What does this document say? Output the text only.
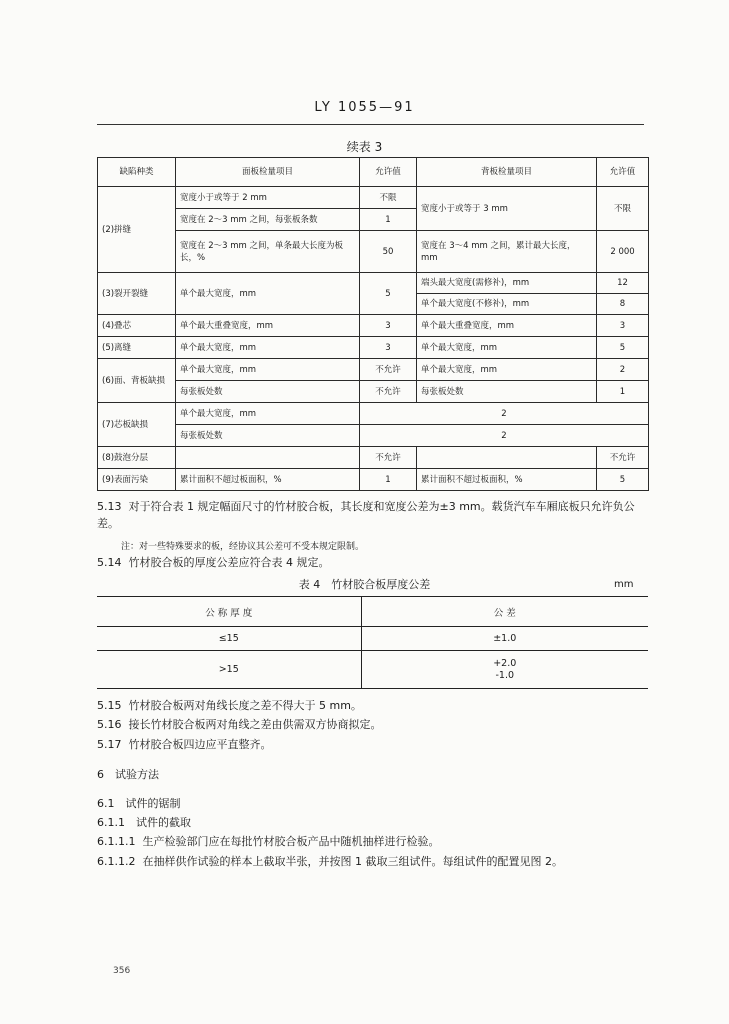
LY 1055—91
续表 3
缺陷种类	面板检量项目	允许值	背板检量项目	允许值
(2)拼缝	宽度小于或等于 2 mm	不限	宽度小于或等于 3 mm	不限
	宽度在 2～3 mm 之间，每张板条数	1		
	宽度在 2～3 mm 之间，单条最大长度为板长，%	50	宽度在 3～4 mm 之间，累计最大长度，mm	2 000
(3)裂开裂缝	单个最大宽度，mm	5	端头最大宽度(需修补)，mm	12
			单个最大宽度(不修补)，mm	8
(4)叠芯	单个最大重叠宽度，mm	3	单个最大重叠宽度，mm	3
(5)离缝	单个最大宽度，mm	3	单个最大宽度，mm	5
(6)面、背板缺损	单个最大宽度，mm	不允许	单个最大宽度，mm	2
	每张板处数	不允许	每张板处数	1
(7)芯板缺损	单个最大宽度，mm	2		
	每张板处数	2		
(8)鼓泡分层		不允许		不允许
(9)表面污染	累计面积不超过板面积，%	1	累计面积不超过板面积，%	5
5.13 对于符合表 1 规定幅面尺寸的竹材胶合板，其长度和宽度公差为±3 mm。载货汽车车厢底板只允许负公差。
注：对一些特殊要求的板，经协议其公差可不受本规定限制。
5.14 竹材胶合板的厚度公差应符合表 4 规定。
表 4　竹材胶合板厚度公差	mm
公 称 厚 度	公 差
≤15	±1.0
>15	+2.0
-1.0
5.15 竹材胶合板两对角线长度之差不得大于 5 mm。
5.16 接长竹材胶合板两对角线之差由供需双方协商拟定。
5.17 竹材胶合板四边应平直整齐。
6　试验方法
6.1　试件的锯制
6.1.1　试件的截取
6.1.1.1 生产检验部门应在每批竹材胶合板产品中随机抽样进行检验。
6.1.1.2 在抽样供作试验的样本上截取半张，并按图 1 截取三组试件。每组试件的配置见图 2。
356
